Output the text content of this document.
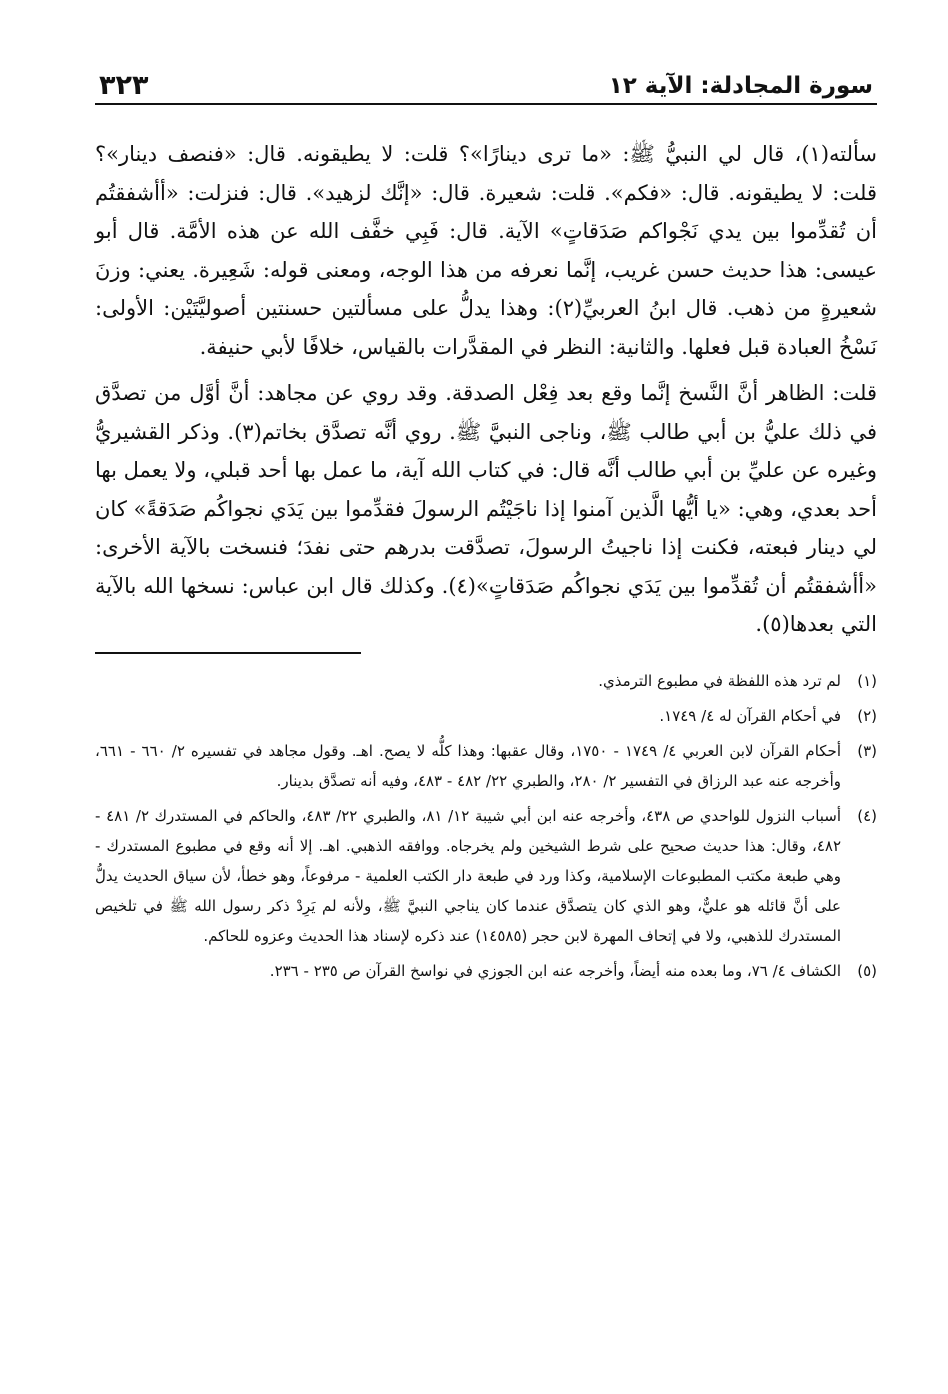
سورة المجادلة: الآية ١٢
٣٢٣

سألته(١)، قال لي النبيُّ ﷺ: «ما ترى دينارًا»؟ قلت: لا يطيقونه. قال: «فنصف دينار»؟ قلت: لا يطيقونه. قال: «فكم». قلت: شعيرة. قال: «إنَّك لزهيد». قال: فنزلت: «أأشفقتُم أن تُقدِّموا بين يدي نَجْواكم صَدَقاتٍ» الآية. قال: فَبِي خفَّف الله عن هذه الأمَّة. قال أبو عيسى: هذا حديث حسن غريب، إنَّما نعرفه من هذا الوجه، ومعنى قوله: شَعِيرة. يعني: وزنَ شعيرةٍ من ذهب. قال ابنُ العربيِّ(٢): وهذا يدلُّ على مسألتين حسنتين أصوليَّتَيْن: الأولى: نَسْخُ العبادة قبل فعلها. والثانية: النظر في المقدَّرات بالقياس، خلافًا لأبي حنيفة.

قلت: الظاهر أنَّ النَّسخ إنَّما وقع بعد فِعْل الصدقة. وقد روي عن مجاهد: أنَّ أوَّل من تصدَّق في ذلك عليُّ بن أبي طالب ﷺ، وناجى النبيَّ ﷺ. روي أنَّه تصدَّق بخاتم(٣). وذكر القشيريُّ وغيره عن عليِّ بن أبي طالب أنَّه قال: في كتاب الله آية، ما عمل بها أحد قبلي، ولا يعمل بها أحد بعدي، وهي: «يا أيُّها الَّذين آمنوا إذا ناجَيْتُم الرسولَ فقدِّموا بين يَدَي نجواكُم صَدَقةً» كان لي دينار فبعته، فكنت إذا ناجيتُ الرسولَ، تصدَّقت بدرهم حتى نفدَ؛ فنسخت بالآية الأخرى: «أأشفقتُم أن تُقدِّموا بين يَدَي نجواكُم صَدَقاتٍ»(٤). وكذلك قال ابن عباس: نسخها الله بالآية التي بعدها(٥).

(١)
لم ترد هذه اللفظة في مطبوع الترمذي.
(٢)
في أحكام القرآن له ٤/ ١٧٤٩.
(٣)
أحكام القرآن لابن العربي ٤/ ١٧٤٩ - ١٧٥٠، وقال عقبها: وهذا كلُّه لا يصح. اهـ. وقول مجاهد في تفسيره ٢/ ٦٦٠ - ٦٦١، وأخرجه عنه عبد الرزاق في التفسير ٢/ ٢٨٠، والطبري ٢٢/ ٤٨٢ - ٤٨٣، وفيه أنه تصدَّق بدينار.
(٤)
أسباب النزول للواحدي ص ٤٣٨، وأخرجه عنه ابن أبي شيبة ١٢/ ٨١، والطبري ٢٢/ ٤٨٣، والحاكم في المستدرك ٢/ ٤٨١ - ٤٨٢، وقال: هذا حديث صحيح على شرط الشيخين ولم يخرجاه. ووافقه الذهبي. اهـ. إلا أنه وقع في مطبوع المستدرك - وهي طبعة مكتب المطبوعات الإسلامية، وكذا ورد في طبعة دار الكتب العلمية - مرفوعاً، وهو خطأ، لأن سياق الحديث يدلُّ على أنَّ قائله هو عليٌّ، وهو الذي كان يتصدَّق عندما كان يناجي النبيَّ ﷺ، ولأنه لم يَرِدْ ذكر رسول الله ﷺ في تلخيص المستدرك للذهبي، ولا في إتحاف المهرة لابن حجر (١٤٥٨٥) عند ذكره لإسناد هذا الحديث وعزوه للحاكم.
(٥)
الكشاف ٤/ ٧٦، وما بعده منه أيضاً، وأخرجه عنه ابن الجوزي في نواسخ القرآن ص ٢٣٥ - ٢٣٦.
